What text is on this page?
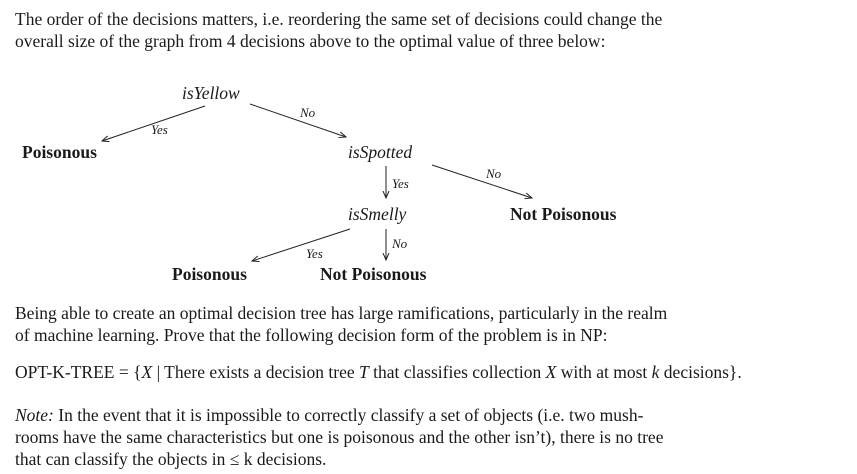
The order of the decisions matters, i.e. reordering the same set of decisions could change the

overall size of the graph from 4 decisions above to the optimal value of three below:

isYellow
Yes
No
Poisonous	isSpotted
Yes
No
isSmelly	Not Poisonous
Yes
No
Poisonous	Not Poisonous

Being able to create an optimal decision tree has large ramifications, particularly in the realm

of machine learning. Prove that the following decision form of the problem is in NP:

OPT-K-TREE = {X | There exists a decision tree T that classifies collection X with at most k decisions}.

Note: In the event that it is impossible to correctly classify a set of objects (i.e. two mush-

rooms have the same characteristics but one is poisonous and the other isn’t), there is no tree

that can classify the objects in ≤ k decisions.
